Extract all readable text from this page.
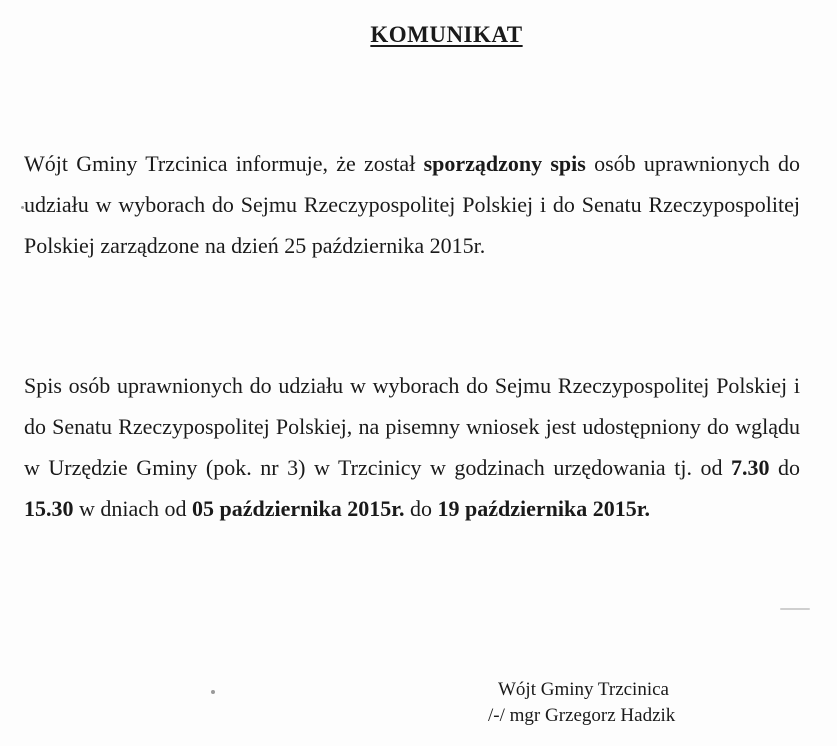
KOMUNIKAT

Wójt Gminy Trzcinica informuje, że został sporządzony spis osób uprawnionych do udziału w wyborach do Sejmu Rzeczypospolitej Polskiej i do Senatu Rzeczypospolitej Polskiej zarządzone na dzień 25 października 2015r.

Spis osób uprawnionych do udziału w wyborach do Sejmu Rzeczypospolitej Polskiej i do Senatu Rzeczypospolitej Polskiej, na pisemny wniosek jest udostępniony do wglądu w Urzędzie Gminy (pok. nr 3) w Trzcinicy w godzinach urzędowania tj. od 7.30 do 15.30 w dniach od 05 października 2015r. do 19 października 2015r.

Wójt Gminy Trzcinica
/-/ mgr Grzegorz Hadzik
